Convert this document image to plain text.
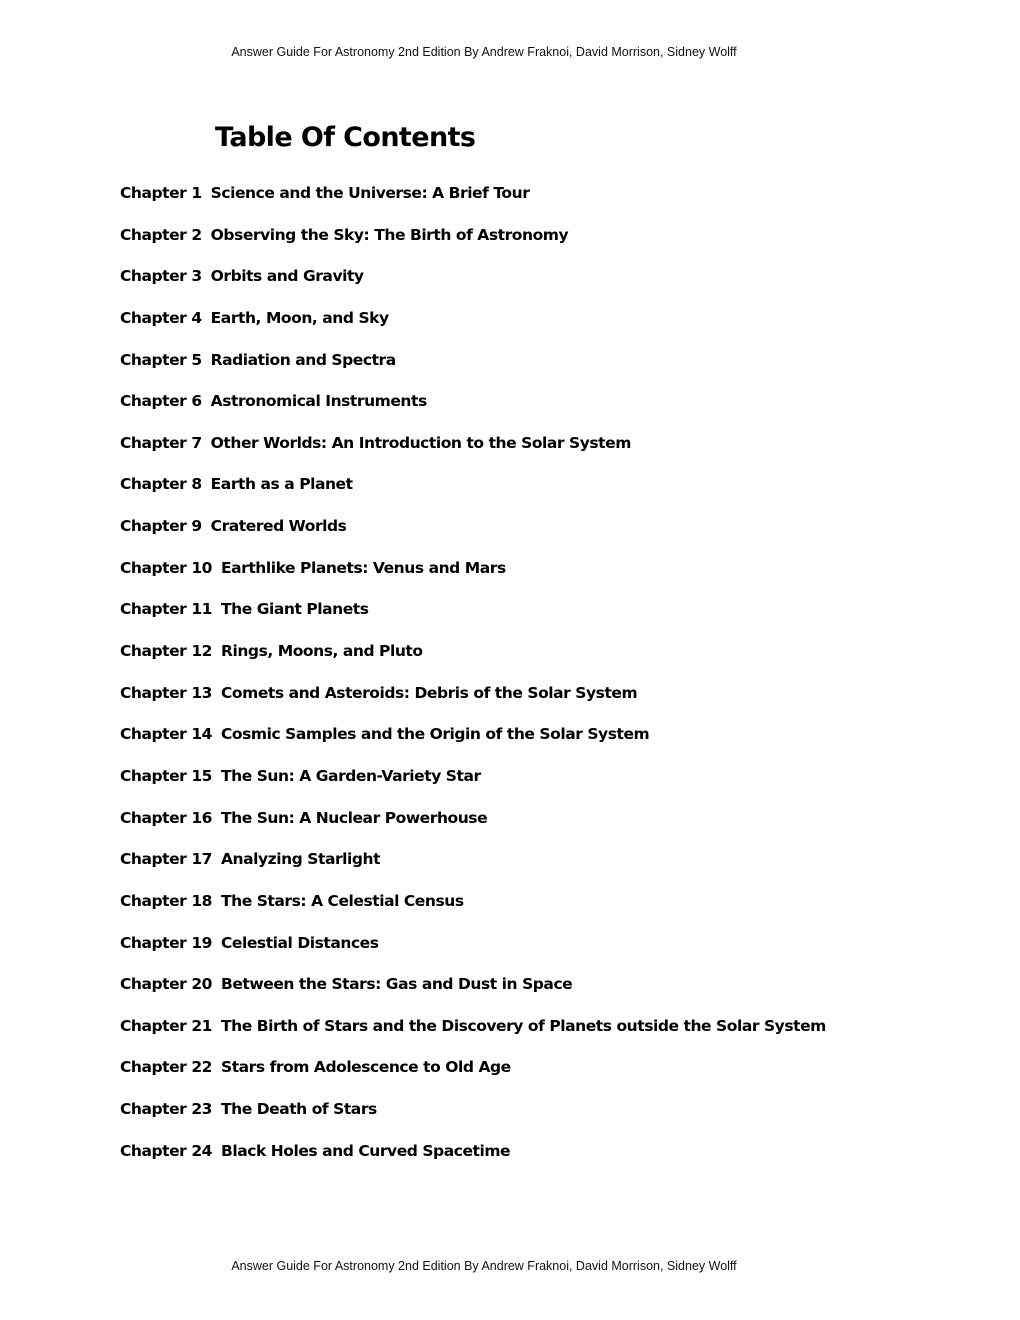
Answer Guide For Astronomy 2nd Edition By Andrew Fraknoi, David Morrison, Sidney Wolff
Table Of Contents
Chapter 1 Science and the Universe: A Brief Tour
Chapter 2 Observing the Sky: The Birth of Astronomy
Chapter 3 Orbits and Gravity
Chapter 4 Earth, Moon, and Sky
Chapter 5 Radiation and Spectra
Chapter 6 Astronomical Instruments
Chapter 7 Other Worlds: An Introduction to the Solar System
Chapter 8 Earth as a Planet
Chapter 9 Cratered Worlds
Chapter 10 Earthlike Planets: Venus and Mars
Chapter 11 The Giant Planets
Chapter 12 Rings, Moons, and Pluto
Chapter 13 Comets and Asteroids: Debris of the Solar System
Chapter 14 Cosmic Samples and the Origin of the Solar System
Chapter 15 The Sun: A Garden-Variety Star
Chapter 16 The Sun: A Nuclear Powerhouse
Chapter 17 Analyzing Starlight
Chapter 18 The Stars: A Celestial Census
Chapter 19 Celestial Distances
Chapter 20 Between the Stars: Gas and Dust in Space
Chapter 21 The Birth of Stars and the Discovery of Planets outside the Solar System
Chapter 22 Stars from Adolescence to Old Age
Chapter 23 The Death of Stars
Chapter 24 Black Holes and Curved Spacetime
Answer Guide For Astronomy 2nd Edition By Andrew Fraknoi, David Morrison, Sidney Wolff
